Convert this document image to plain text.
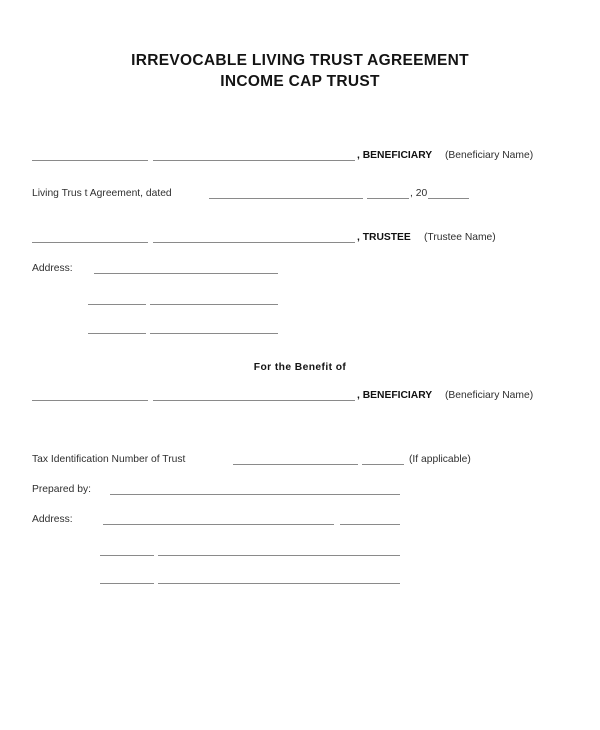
IRREVOCABLE LIVING TRUST AGREEMENT
INCOME CAP TRUST
, BENEFICIARY (Beneficiary Name)
Living Trus t Agreement, dated	, 20
, TRUSTEE (Trustee Name)
Address:
For the Benefit of
, BENEFICIARY (Beneficiary Name)
Tax Identification Number of Trust	(If applicable)
Prepared by:
Address:
